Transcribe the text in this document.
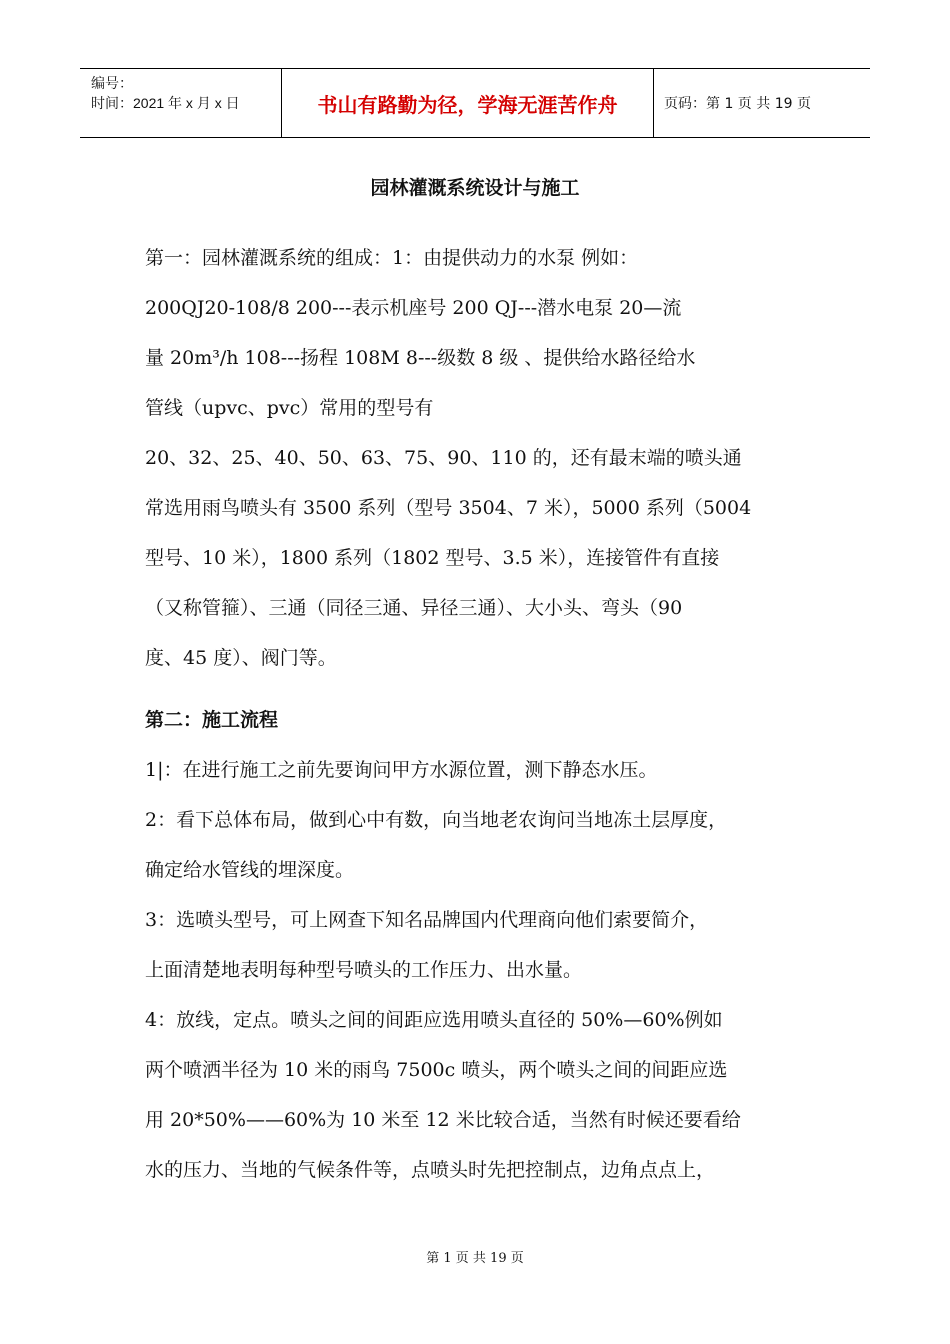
编号：
时间：2021 年 x 月 x 日	书山有路勤为径，学海无涯苦作舟	页码：第 1 页 共 19 页
园林灌溉系统设计与施工

第一：园林灌溉系统的组成：1：由提供动力的水泵 例如：

200QJ20-108/8 200---表示机座号 200 QJ---潜水电泵 20—流

量 20m³/h 108---扬程 108M 8---级数 8 级 、提供给水路径给水

管线（upvc、pvc）常用的型号有

20、32、25、40、50、63、75、90、110 的，还有最末端的喷头通

常选用雨鸟喷头有 3500 系列（型号 3504、7 米），5000 系列（5004

型号、10 米），1800 系列（1802 型号、3.5 米），连接管件有直接

（又称管箍）、三通（同径三通、异径三通）、大小头、弯头（90

度、45 度）、阀门等。

第二：施工流程

1|：在进行施工之前先要询问甲方水源位置，测下静态水压。

2：看下总体布局，做到心中有数，向当地老农询问当地冻土层厚度，

确定给水管线的埋深度。

3：选喷头型号，可上网查下知名品牌国内代理商向他们索要简介，

上面清楚地表明每种型号喷头的工作压力、出水量。

4：放线，定点。喷头之间的间距应选用喷头直径的 50%—60%例如

两个喷洒半径为 10 米的雨鸟 7500c 喷头，两个喷头之间的间距应选

用 20*50%——60%为 10 米至 12 米比较合适，当然有时候还要看给

水的压力、当地的气候条件等，点喷头时先把控制点，边角点点上，

第 1 页 共 19 页
